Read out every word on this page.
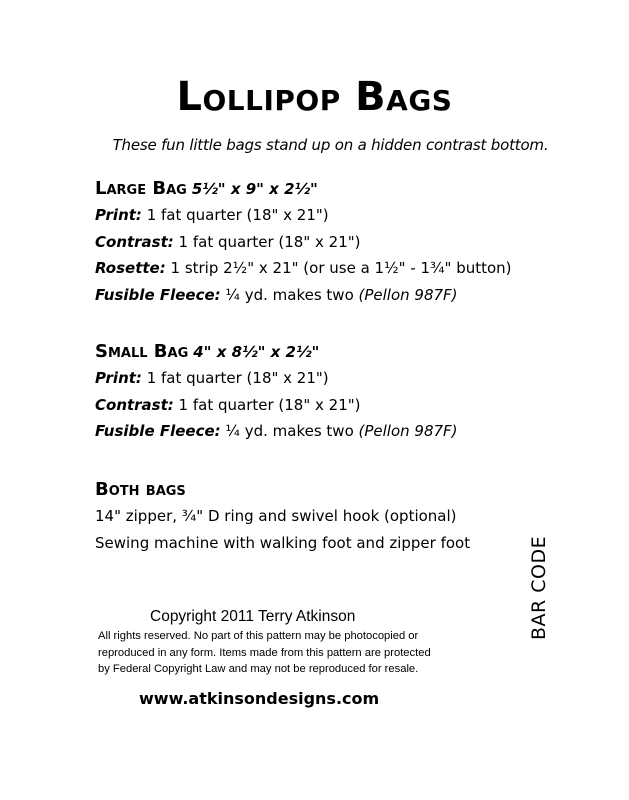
Lollipop Bags
These fun little bags stand up on a hidden contrast bottom.
Large Bag 5½" x 9" x 2½"
Print: 1 fat quarter (18" x 21")
Contrast: 1 fat quarter (18" x 21")
Rosette: 1 strip 2½" x 21" (or use a 1½" - 1¾" button)
Fusible Fleece: ¼ yd. makes two (Pellon 987F)
Small Bag 4" x 8½" x 2½"
Print: 1 fat quarter (18" x 21")
Contrast: 1 fat quarter (18" x 21")
Fusible Fleece: ¼ yd. makes two (Pellon 987F)
Both bags
14" zipper, ¾" D ring and swivel hook (optional)
Sewing machine with walking foot and zipper foot	BAR CODE
Copyright 2011 Terry Atkinson
All rights reserved. No part of this pattern may be photocopied or
reproduced in any form. Items made from this pattern are protected
by Federal Copyright Law and may not be reproduced for resale.
www.atkinsondesigns.com
